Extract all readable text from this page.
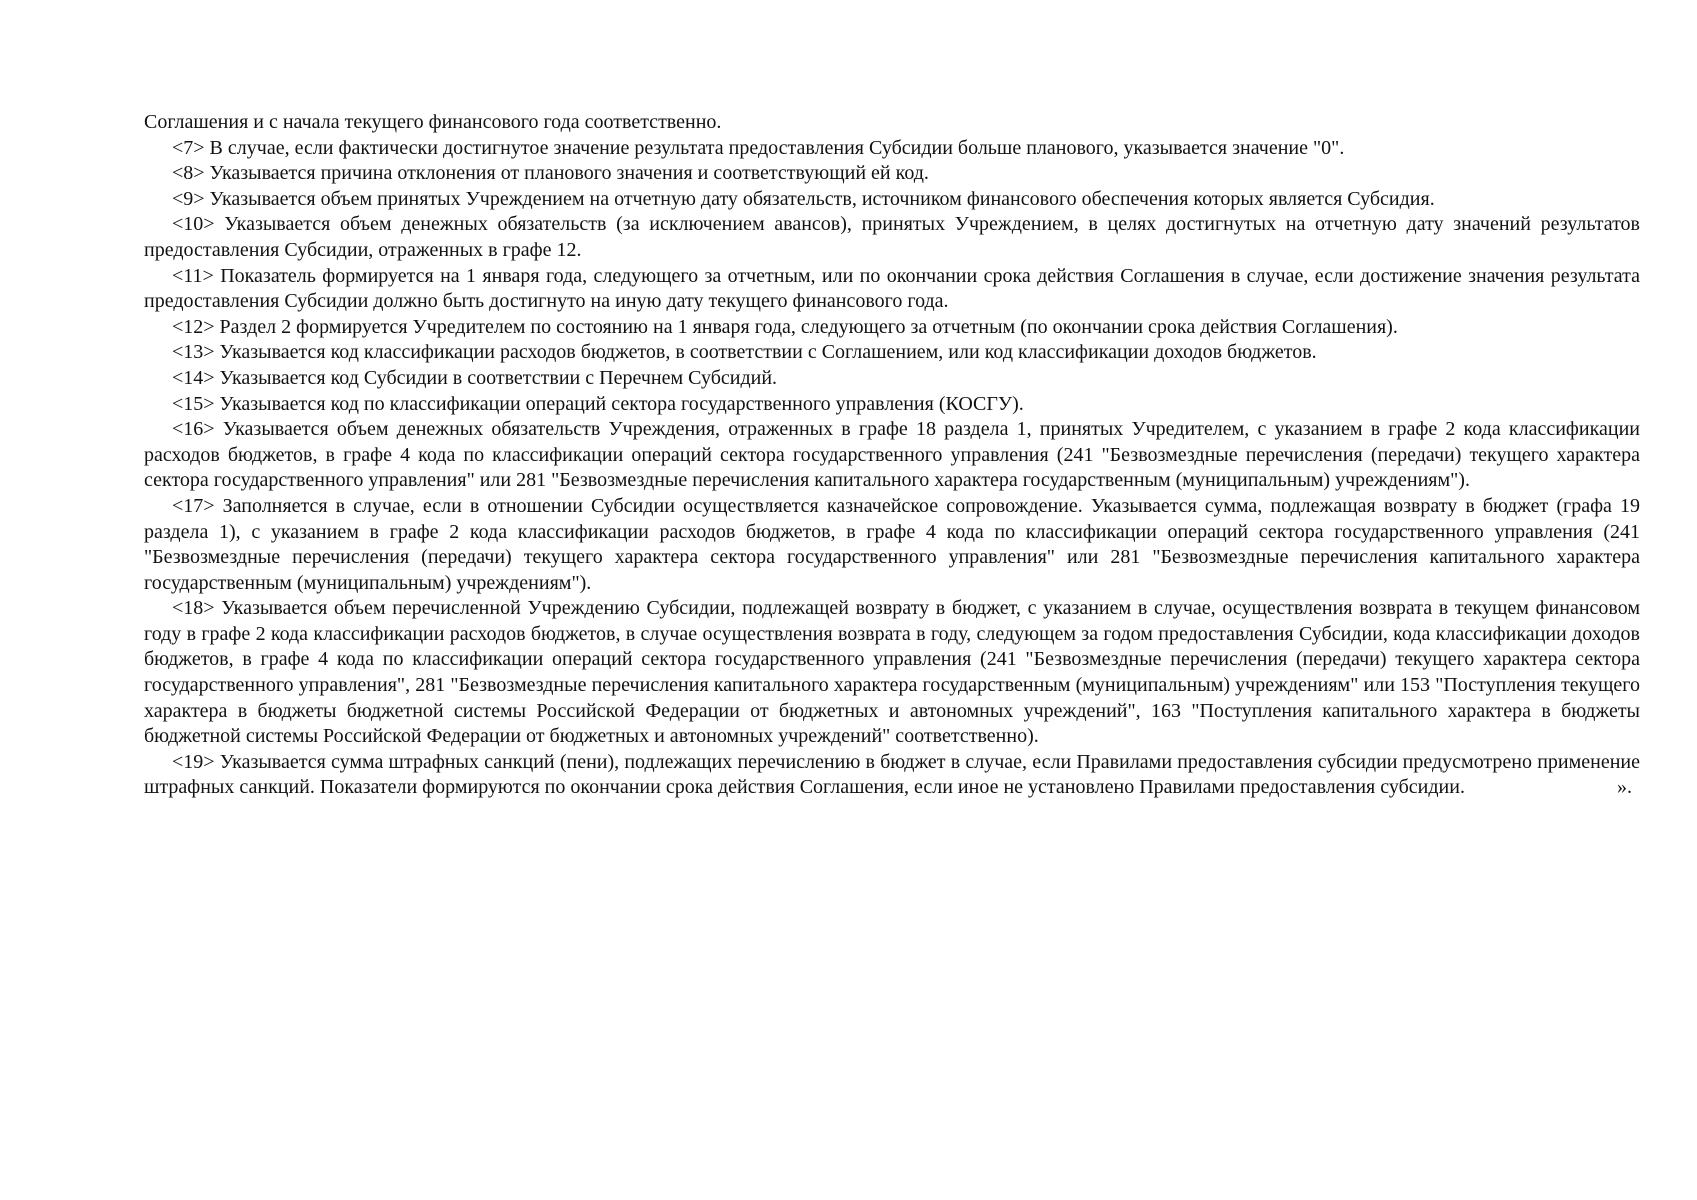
Соглашения и с начала текущего финансового года соответственно.

<7> В случае, если фактически достигнутое значение результата предоставления Субсидии больше планового, указывается значение "0".

<8> Указывается причина отклонения от планового значения и соответствующий ей код.

<9> Указывается объем принятых Учреждением на отчетную дату обязательств, источником финансового обеспечения которых является Субсидия.

<10> Указывается объем денежных обязательств (за исключением авансов), принятых Учреждением, в целях достигнутых на отчетную дату значений результатов предоставления Субсидии, отраженных в графе 12.

<11> Показатель формируется на 1 января года, следующего за отчетным, или по окончании срока действия Соглашения в случае, если достижение значения результата предоставления Субсидии должно быть достигнуто на иную дату текущего финансового года.

<12> Раздел 2 формируется Учредителем по состоянию на 1 января года, следующего за отчетным (по окончании срока действия Соглашения).

<13> Указывается код классификации расходов бюджетов, в соответствии с Соглашением, или код классификации доходов бюджетов.

<14> Указывается код Субсидии в соответствии с Перечнем Субсидий.

<15> Указывается код по классификации операций сектора государственного управления (КОСГУ).

<16> Указывается объем денежных обязательств Учреждения, отраженных в графе 18 раздела 1, принятых Учредителем, с указанием в графе 2 кода классификации расходов бюджетов, в графе 4 кода по классификации операций сектора государственного управления (241 "Безвозмездные перечисления (передачи) текущего характера сектора государственного управления" или 281 "Безвозмездные перечисления капитального характера государственным (муниципальным) учреждениям").

<17> Заполняется в случае, если в отношении Субсидии осуществляется казначейское сопровождение. Указывается сумма, подлежащая возврату в бюджет (графа 19 раздела 1), с указанием в графе 2 кода классификации расходов бюджетов, в графе 4 кода по классификации операций сектора государственного управления (241 "Безвозмездные перечисления (передачи) текущего характера сектора государственного управления" или 281 "Безвозмездные перечисления капитального характера государственным (муниципальным) учреждениям").

<18> Указывается объем перечисленной Учреждению Субсидии, подлежащей возврату в бюджет, с указанием в случае, осуществления возврата в текущем финансовом году в графе 2 кода классификации расходов бюджетов, в случае осуществления возврата в году, следующем за годом предоставления Субсидии, кода классификации доходов бюджетов, в графе 4 кода по классификации операций сектора государственного управления (241 "Безвозмездные перечисления (передачи) текущего характера сектора государственного управления", 281 "Безвозмездные перечисления капитального характера государственным (муниципальным) учреждениям" или 153 "Поступления текущего характера в бюджеты бюджетной системы Российской Федерации от бюджетных и автономных учреждений", 163 "Поступления капитального характера в бюджеты бюджетной системы Российской Федерации от бюджетных и автономных учреждений" соответственно).

<19> Указывается сумма штрафных санкций (пени), подлежащих перечислению в бюджет в случае, если Правилами предоставления субсидии предусмотрено применение штрафных санкций. Показатели формируются по окончании срока действия Соглашения, если иное не установлено Правилами предоставления субсидии.	».
